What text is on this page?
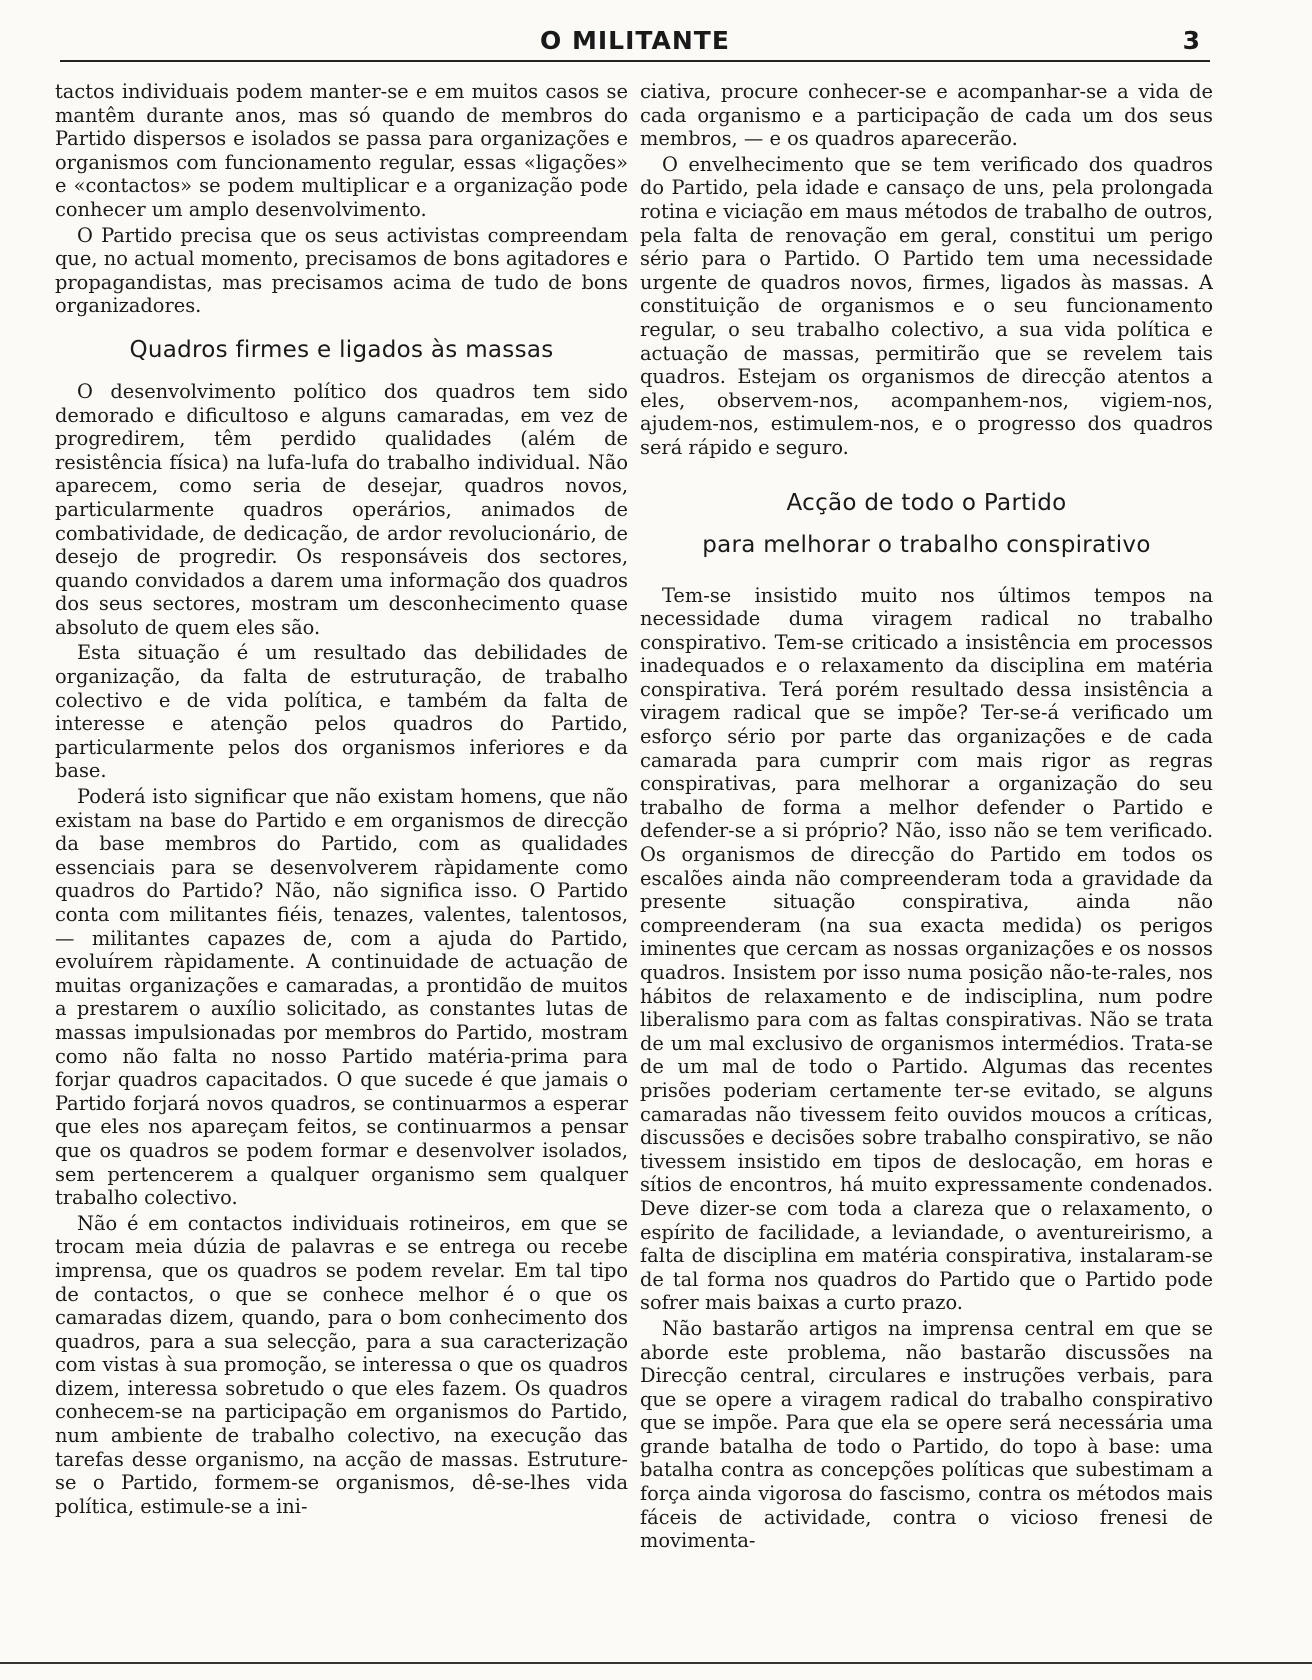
O MILITANTE	3

tactos individuais podem manter-se e em muitos casos se mantêm durante anos, mas só quando de membros do Partido dispersos e isolados se passa para organizações e organismos com funcionamento regular, essas «ligações» e «contactos» se podem multiplicar e a organização pode conhecer um amplo desenvolvimento.

O Partido precisa que os seus activistas compreendam que, no actual momento, precisamos de bons agitadores e propagandistas, mas precisamos acima de tudo de bons organizadores.

Quadros firmes e ligados às massas

O desenvolvimento político dos quadros tem sido demorado e dificultoso e alguns camaradas, em vez de progredirem, têm perdido qualidades (além de resistência física) na lufa-lufa do trabalho individual. Não aparecem, como seria de desejar, quadros novos, particularmente quadros operários, animados de combatividade, de dedicação, de ardor revolucionário, de desejo de progredir. Os responsáveis dos sectores, quando convidados a darem uma informação dos quadros dos seus sectores, mostram um desconhecimento quase absoluto de quem eles são.

Esta situação é um resultado das debilidades de organização, da falta de estruturação, de trabalho colectivo e de vida política, e também da falta de interesse e atenção pelos quadros do Partido, particularmente pelos dos organismos inferiores e da base.

Poderá isto significar que não existam homens, que não existam na base do Partido e em organismos de direcção da base membros do Partido, com as qualidades essenciais para se desenvolverem ràpidamente como quadros do Partido? Não, não significa isso. O Partido conta com militantes fiéis, tenazes, valentes, talentosos, — militantes capazes de, com a ajuda do Partido, evoluírem ràpidamente. A continuidade de actuação de muitas organizações e camaradas, a prontidão de muitos a prestarem o auxílio solicitado, as constantes lutas de massas impulsionadas por membros do Partido, mostram como não falta no nosso Partido matéria-prima para forjar quadros capacitados. O que sucede é que jamais o Partido forjará novos quadros, se continuarmos a esperar que eles nos apareçam feitos, se continuarmos a pensar que os quadros se podem formar e desenvolver isolados, sem pertencerem a qualquer organismo sem qualquer trabalho colectivo.

Não é em contactos individuais rotineiros, em que se trocam meia dúzia de palavras e se entrega ou recebe imprensa, que os quadros se podem revelar. Em tal tipo de contactos, o que se conhece melhor é o que os camaradas dizem, quando, para o bom conhecimento dos quadros, para a sua selecção, para a sua caracterização com vistas à sua promoção, se interessa o que os quadros dizem, interessa sobretudo o que eles fazem. Os quadros conhecem-se na participação em organismos do Partido, num ambiente de trabalho colectivo, na execução das tarefas desse organismo, na acção de massas. Estruture-se o Partido, formem-se organismos, dê-se-lhes vida política, estimule-se a ini-

ciativa, procure conhecer-se e acompanhar-se a vida de cada organismo e a participação de cada um dos seus membros, — e os quadros aparecerão.

O envelhecimento que se tem verificado dos quadros do Partido, pela idade e cansaço de uns, pela prolongada rotina e viciação em maus métodos de trabalho de outros, pela falta de renovação em geral, constitui um perigo sério para o Partido. O Partido tem uma necessidade urgente de quadros novos, firmes, ligados às massas. A constituição de organismos e o seu funcionamento regular, o seu trabalho colectivo, a sua vida política e actuação de massas, permitirão que se revelem tais quadros. Estejam os organismos de direcção atentos a eles, observem-nos, acompanhem-nos, vigiem-nos, ajudem-nos, estimulem-nos, e o progresso dos quadros será rápido e seguro.

Acção de todo o Partido
para melhorar o trabalho conspirativo

Tem-se insistido muito nos últimos tempos na necessidade duma viragem radical no trabalho conspirativo. Tem-se criticado a insistência em processos inadequados e o relaxamento da disciplina em matéria conspirativa. Terá porém resultado dessa insistência a viragem radical que se impõe? Ter-se-á verificado um esforço sério por parte das organizações e de cada camarada para cumprir com mais rigor as regras conspirativas, para melhorar a organização do seu trabalho de forma a melhor defender o Partido e defender-se a si próprio? Não, isso não se tem verificado. Os organismos de direcção do Partido em todos os escalões ainda não compreenderam toda a gravidade da presente situação conspirativa, ainda não compreenderam (na sua exacta medida) os perigos iminentes que cercam as nossas organizações e os nossos quadros. Insistem por isso numa posição não-te-rales, nos hábitos de relaxamento e de indisciplina, num podre liberalismo para com as faltas conspirativas. Não se trata de um mal exclusivo de organismos intermédios. Trata-se de um mal de todo o Partido. Algumas das recentes prisões poderiam certamente ter-se evitado, se alguns camaradas não tivessem feito ouvidos moucos a críticas, discussões e decisões sobre trabalho conspirativo, se não tivessem insistido em tipos de deslocação, em horas e sítios de encontros, há muito expressamente condenados. Deve dizer-se com toda a clareza que o relaxamento, o espírito de facilidade, a leviandade, o aventureirismo, a falta de disciplina em matéria conspirativa, instalaram-se de tal forma nos quadros do Partido que o Partido pode sofrer mais baixas a curto prazo.

Não bastarão artigos na imprensa central em que se aborde este problema, não bastarão discussões na Direcção central, circulares e instruções verbais, para que se opere a viragem radical do trabalho conspirativo que se impõe. Para que ela se opere será necessária uma grande batalha de todo o Partido, do topo à base: uma batalha contra as concepções políticas que subestimam a força ainda vigorosa do fascismo, contra os métodos mais fáceis de actividade, contra o vicioso frenesi de movimenta-
